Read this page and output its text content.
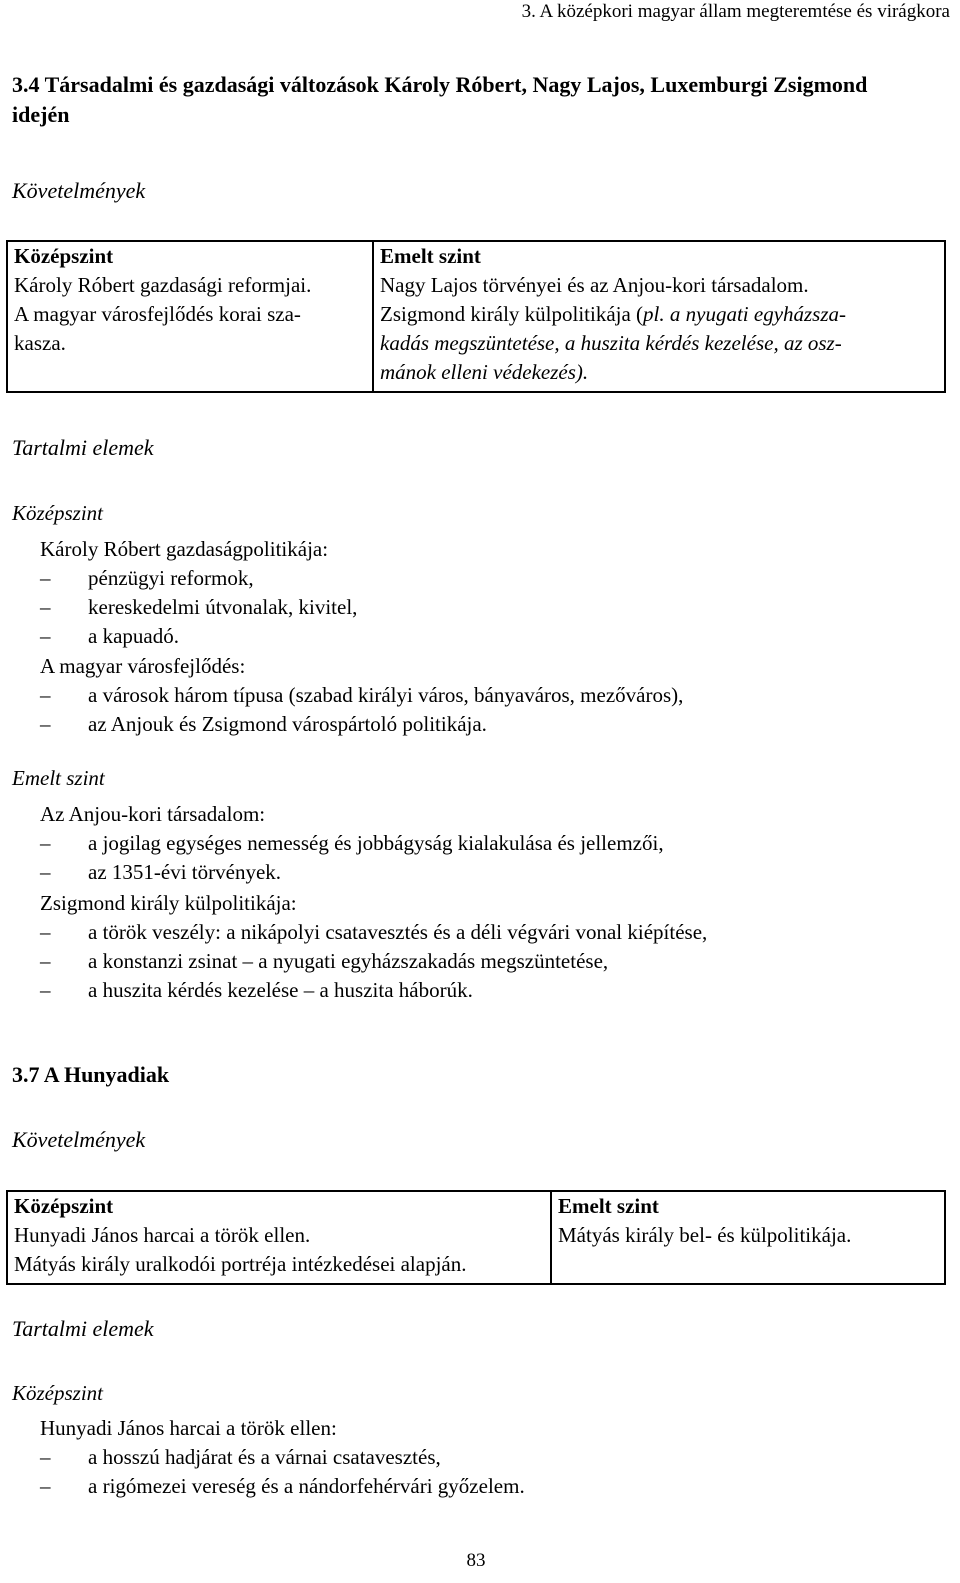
3. A középkori magyar állam megteremtése és virágkora
3.4 Társadalmi és gazdasági változások Károly Róbert, Nagy Lajos, Luxemburgi Zsigmond idején
Követelmények
Középszint
Károly Róbert gazdasági reformjai.
A magyar városfejlődés korai sza-
kasza.

Emelt szint
Nagy Lajos törvényei és az Anjou-kori társadalom.
Zsigmond király külpolitikája (pl. a nyugati egyházsza-
kadás megszüntetése, a huszita kérdés kezelése, az osz-
mánok elleni védekezés).
Tartalmi elemek
Középszint
Károly Róbert gazdaságpolitikája:
– pénzügyi reformok,
– kereskedelmi útvonalak, kivitel,
– a kapuadó.
A magyar városfejlődés:
– a városok három típusa (szabad királyi város, bányaváros, mezőváros),
– az Anjouk és Zsigmond várospártoló politikája.
Emelt szint
Az Anjou-kori társadalom:
– a jogilag egységes nemesség és jobbágyság kialakulása és jellemzői,
– az 1351-évi törvények.
Zsigmond király külpolitikája:
– a török veszély: a nikápolyi csatavesztés és a déli végvári vonal kiépítése,
– a konstanzi zsinat – a nyugati egyházszakadás megszüntetése,
– a huszita kérdés kezelése – a huszita háborúk.
3.7 A Hunyadiak
Követelmények
Középszint
Hunyadi János harcai a török ellen.
Mátyás király uralkodói portréja intézkedései alapján.

Emelt szint
Mátyás király bel- és külpolitikája.
Tartalmi elemek
Középszint
Hunyadi János harcai a török ellen:
– a hosszú hadjárat és a várnai csatavesztés,
– a rigómezei vereség és a nándorfehérvári győzelem.
83
